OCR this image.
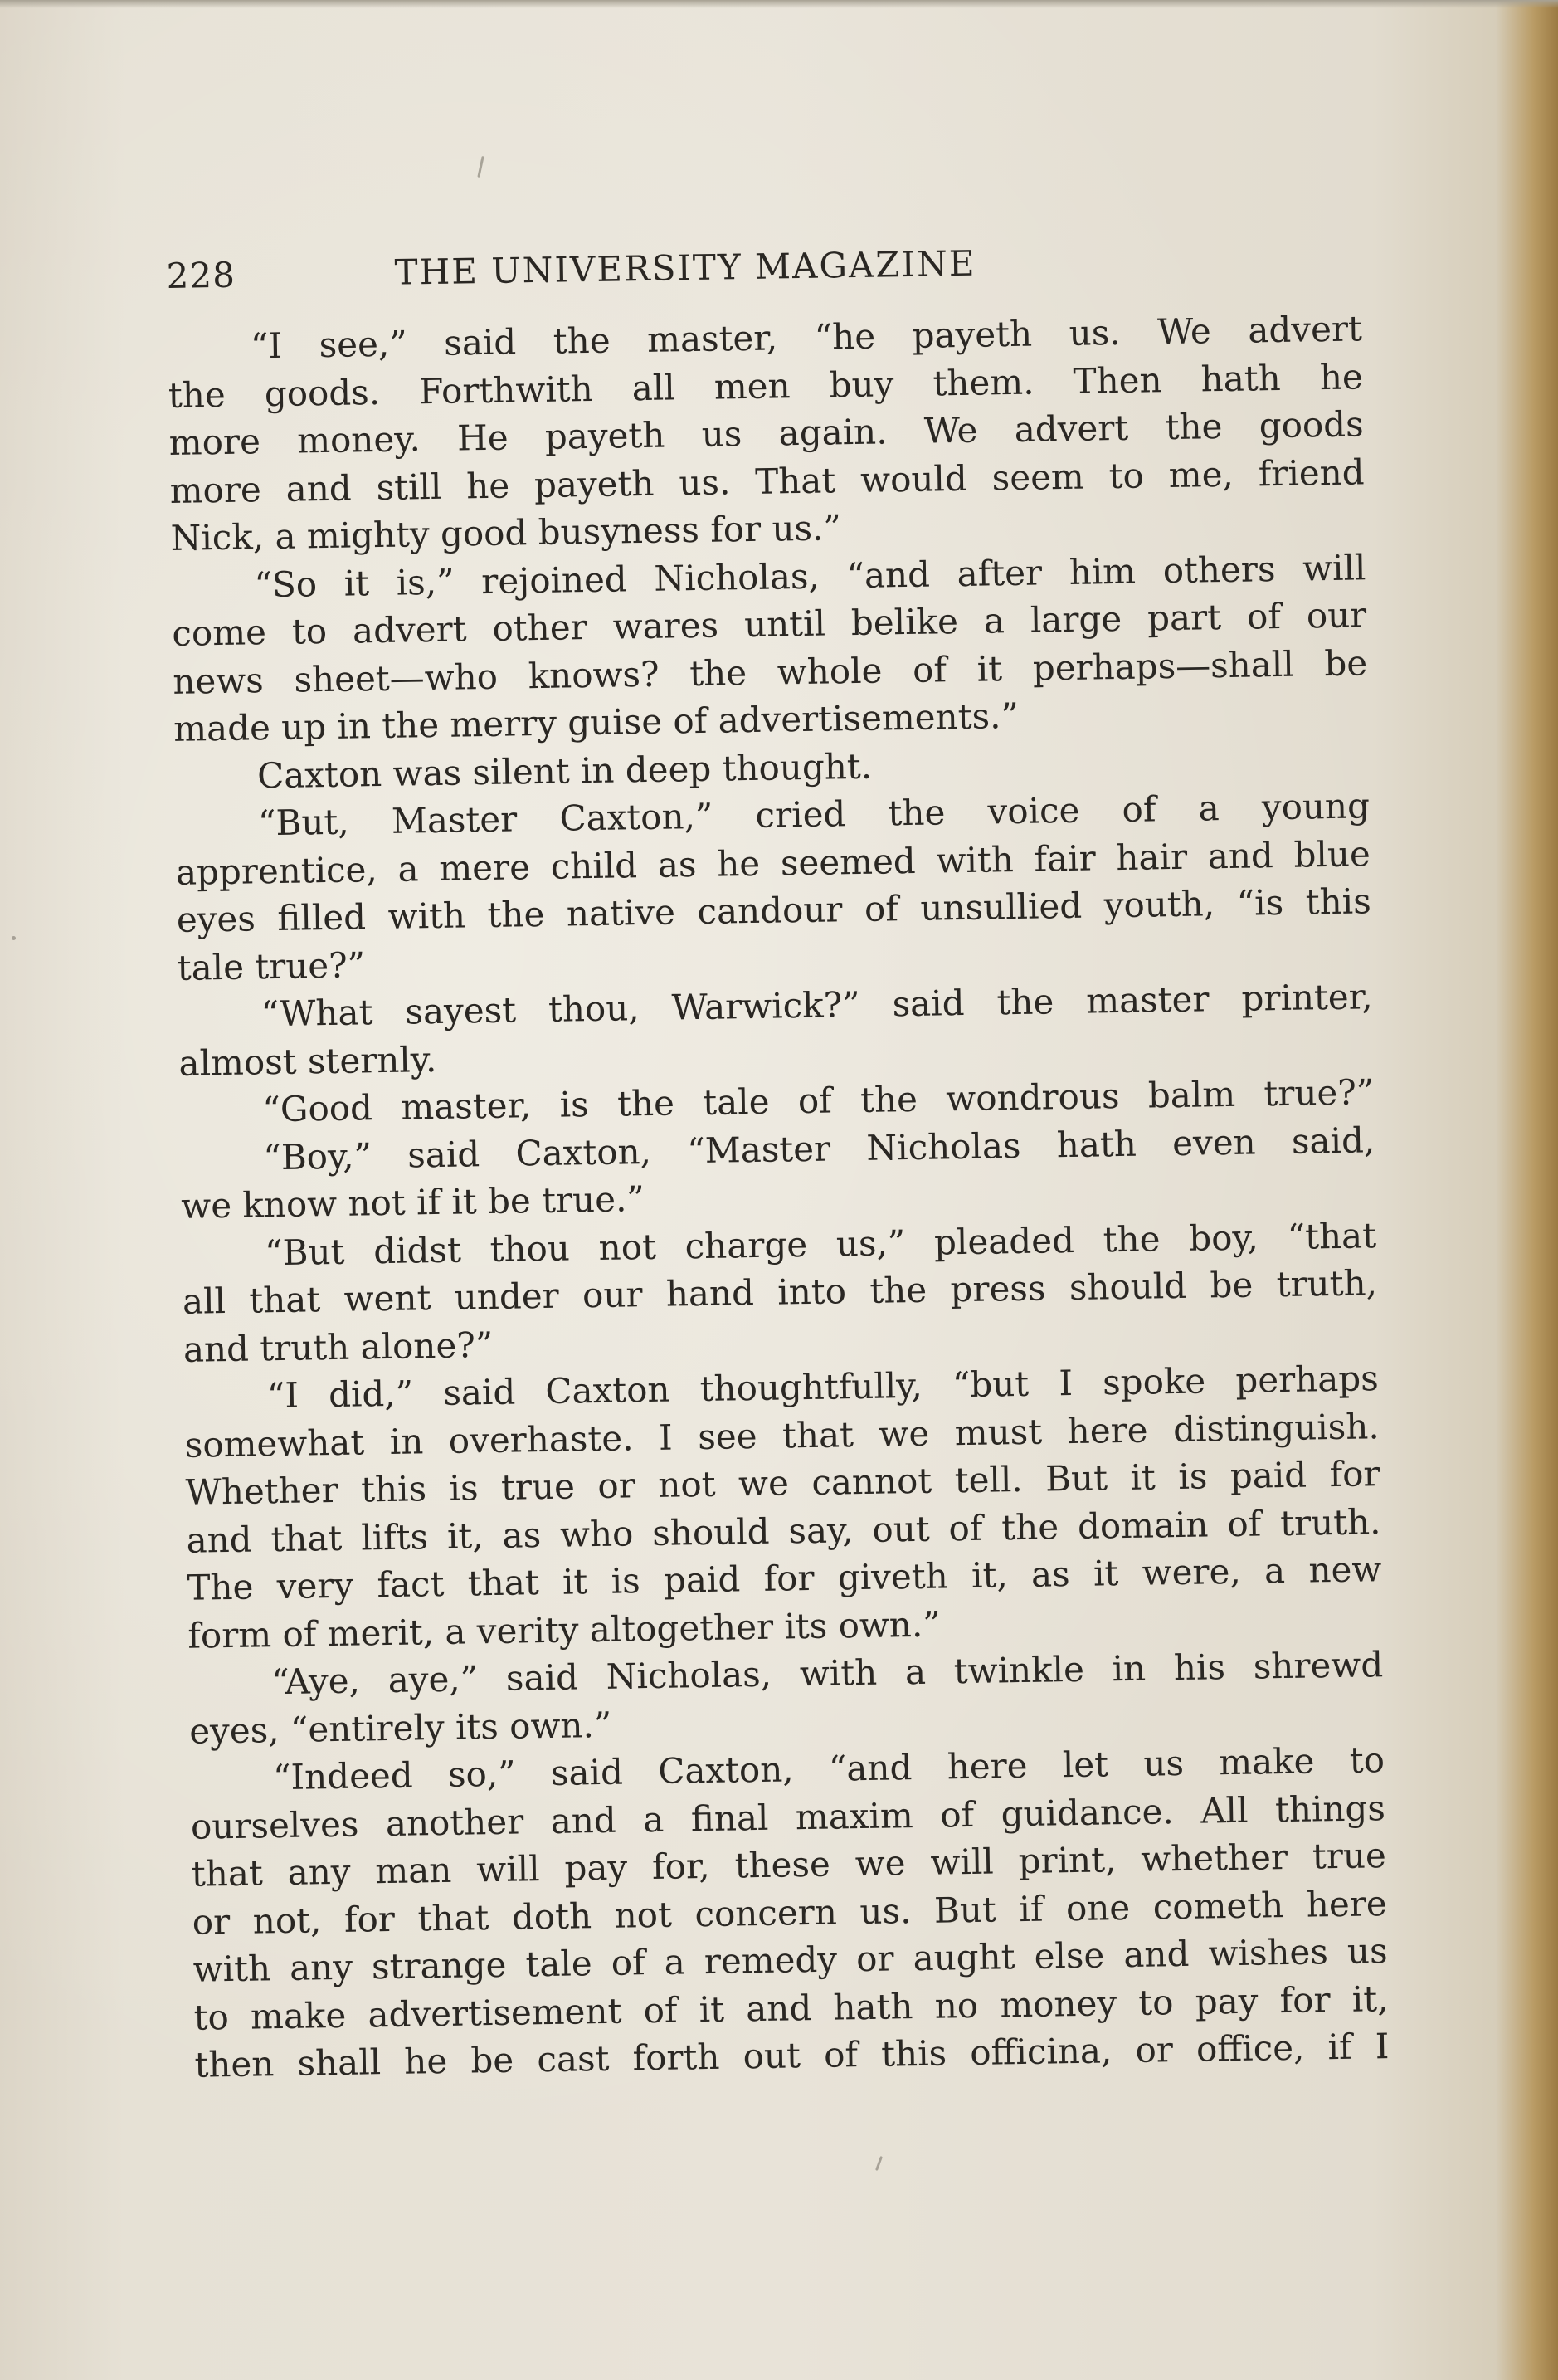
228	THE UNIVERSITY MAGAZINE
“I see,” said the master, “he payeth us. We advert
the goods. Forthwith all men buy them. Then hath he
more money. He payeth us again. We advert the goods
more and still he payeth us. That would seem to me, friend
Nick, a mighty good busyness for us.”
“So it is,” rejoined Nicholas, “and after him others will
come to advert other wares until belike a large part of our
news sheet—who knows? the whole of it perhaps—shall be
made up in the merry guise of advertisements.”
Caxton was silent in deep thought.
“But, Master Caxton,” cried the voice of a young
apprentice, a mere child as he seemed with fair hair and blue
eyes filled with the native candour of unsullied youth, “is this
tale true?”
“What sayest thou, Warwick?” said the master printer,
almost sternly.
“Good master, is the tale of the wondrous balm true?”
“Boy,” said Caxton, “Master Nicholas hath even said,
we know not if it be true.”
“But didst thou not charge us,” pleaded the boy, “that
all that went under our hand into the press should be truth,
and truth alone?”
“I did,” said Caxton thoughtfully, “but I spoke perhaps
somewhat in overhaste. I see that we must here distinguish.
Whether this is true or not we cannot tell. But it is paid for
and that lifts it, as who should say, out of the domain of truth.
The very fact that it is paid for giveth it, as it were, a new
form of merit, a verity altogether its own.”
“Aye, aye,” said Nicholas, with a twinkle in his shrewd
eyes, “entirely its own.”
“Indeed so,” said Caxton, “and here let us make to
ourselves another and a final maxim of guidance. All things
that any man will pay for, these we will print, whether true
or not, for that doth not concern us. But if one cometh here
with any strange tale of a remedy or aught else and wishes us
to make advertisement of it and hath no money to pay for it,
then shall he be cast forth out of this officina, or office, if I
